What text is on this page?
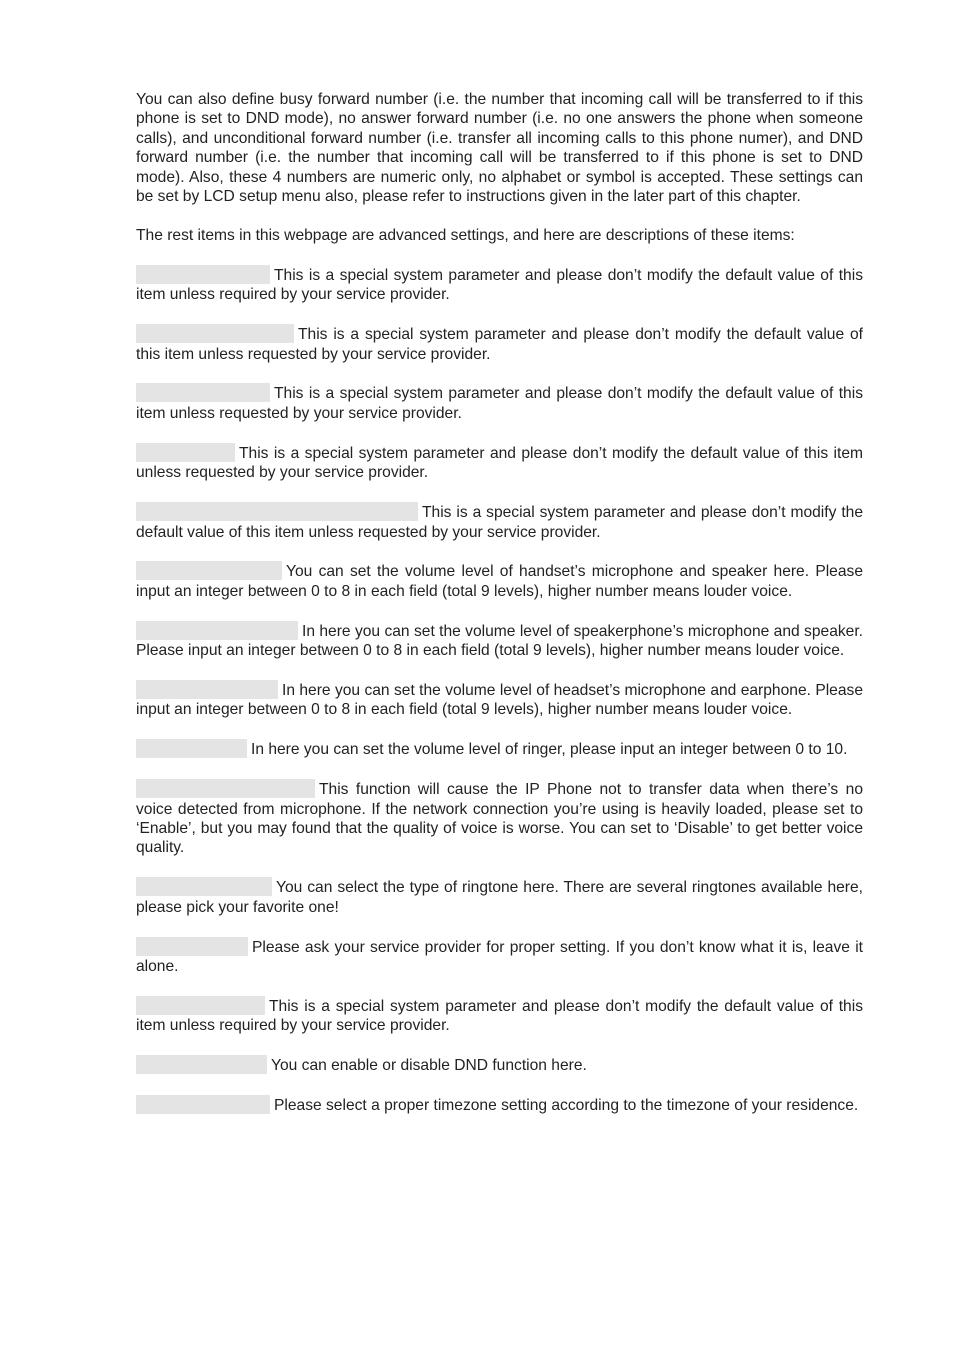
You can also define busy forward number (i.e. the number that incoming call will be transferred to if this phone is set to DND mode), no answer forward number (i.e. no one answers the phone when someone calls), and unconditional forward number (i.e. transfer all incoming calls to this phone numer), and DND forward number (i.e. the number that incoming call will be transferred to if this phone is set to DND mode). Also, these 4 numbers are numeric only, no alphabet or symbol is accepted. These settings can be set by LCD setup menu also, please refer to instructions given in the later part of this chapter.

The rest items in this webpage are advanced settings, and here are descriptions of these items:

This is a special system parameter and please don’t modify the default value of this item unless required by your service provider.

This is a special system parameter and please don’t modify the default value of this item unless requested by your service provider.

This is a special system parameter and please don’t modify the default value of this item unless requested by your service provider.

This is a special system parameter and please don’t modify the default value of this item unless requested by your service provider.

This is a special system parameter and please don’t modify the default value of this item unless requested by your service provider.

You can set the volume level of handset’s microphone and speaker here. Please input an integer between 0 to 8 in each field (total 9 levels), higher number means louder voice.

In here you can set the volume level of speakerphone’s microphone and speaker. Please input an integer between 0 to 8 in each field (total 9 levels), higher number means louder voice.

In here you can set the volume level of headset’s microphone and earphone. Please input an integer between 0 to 8 in each field (total 9 levels), higher number means louder voice.

In here you can set the volume level of ringer, please input an integer between 0 to 10.

This function will cause the IP Phone not to transfer data when there’s no voice detected from microphone. If the network connection you’re using is heavily loaded, please set to ‘Enable’, but you may found that the quality of voice is worse. You can set to ‘Disable’ to get better voice quality.

You can select the type of ringtone here. There are several ringtones available here, please pick your favorite one!

Please ask your service provider for proper setting. If you don’t know what it is, leave it alone.

This is a special system parameter and please don’t modify the default value of this item unless required by your service provider.

You can enable or disable DND function here.

Please select a proper timezone setting according to the timezone of your residence.
